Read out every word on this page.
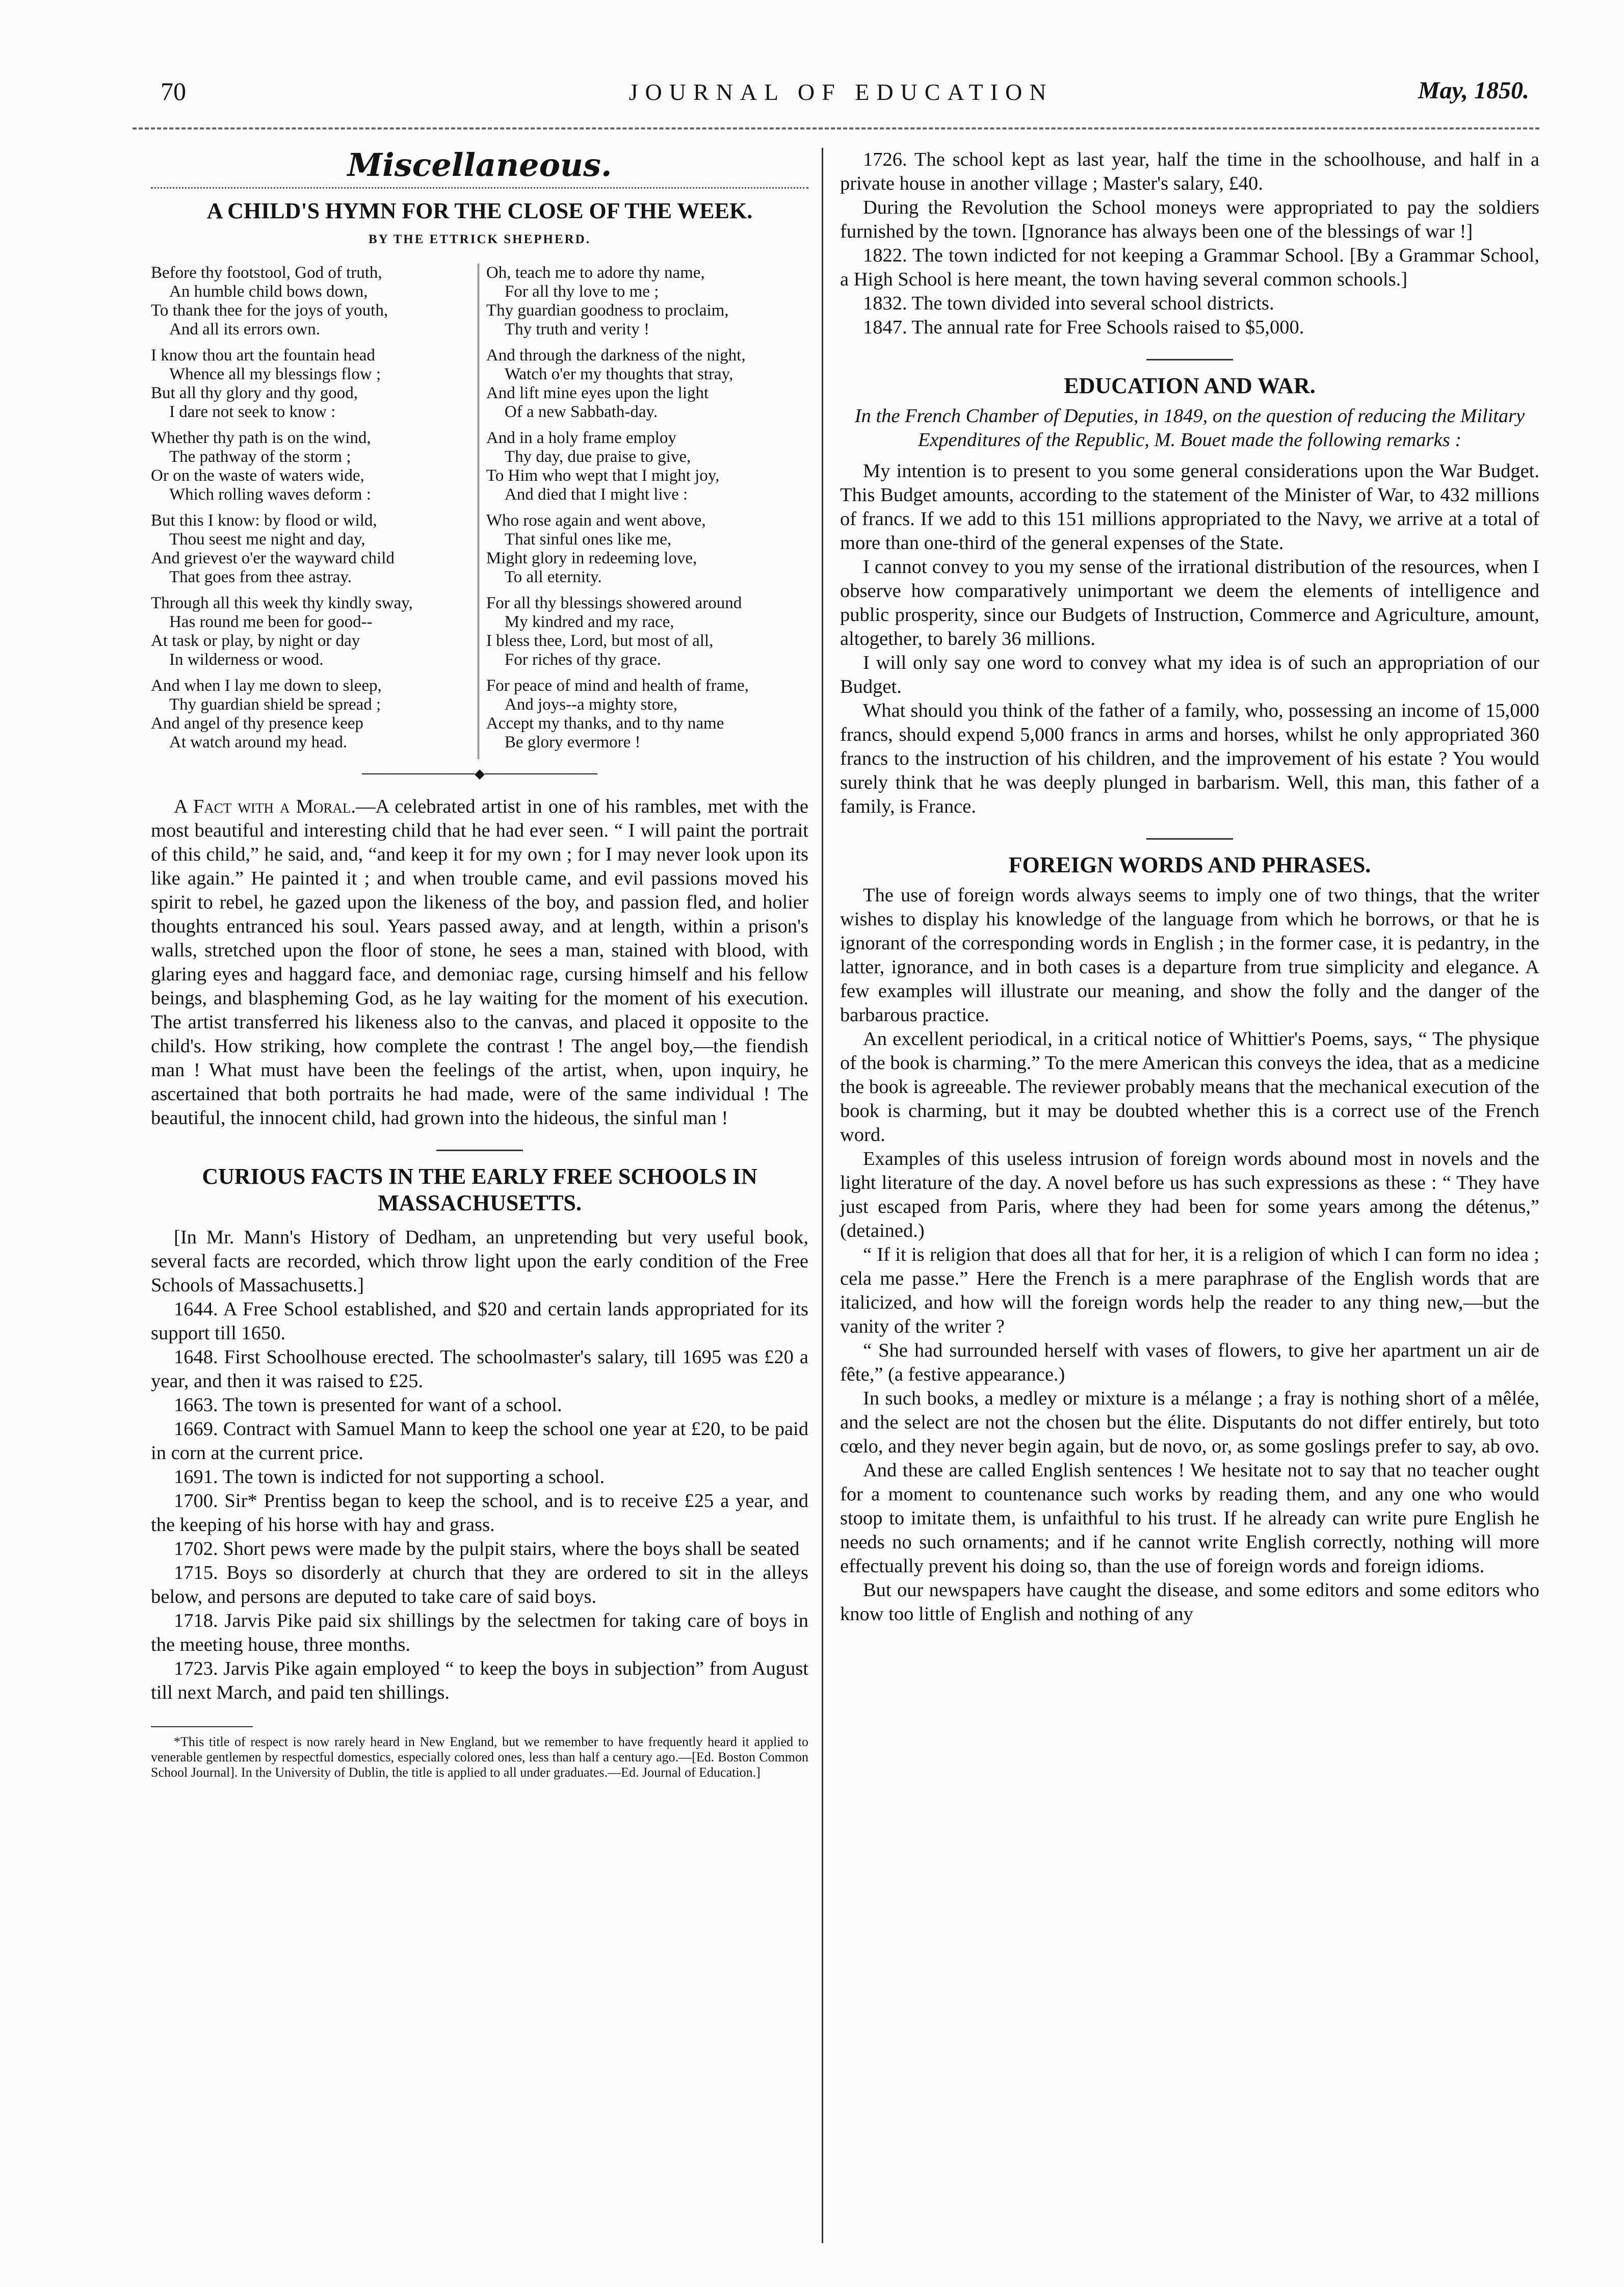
70	JOURNAL OF EDUCATION	May, 1850.
Miscellaneous.
A CHILD'S HYMN FOR THE CLOSE OF THE WEEK.
BY THE ETTRICK SHEPHERD.
Before thy footstool, God of truth,
An humble child bows down,
To thank thee for the joys of youth,
And all its errors own.
I know thou art the fountain head
Whence all my blessings flow ;
But all thy glory and thy good,
I dare not seek to know :
Whether thy path is on the wind,
The pathway of the storm ;
Or on the waste of waters wide,
Which rolling waves deform :
But this I know: by flood or wild,
Thou seest me night and day,
And grievest o'er the wayward child
That goes from thee astray.
Through all this week thy kindly sway,
Has round me been for good--
At task or play, by night or day
In wilderness or wood.
And when I lay me down to sleep,
Thy guardian shield be spread ;
And angel of thy presence keep
At watch around my head.
Oh, teach me to adore thy name,
For all thy love to me ;
Thy guardian goodness to proclaim,
Thy truth and verity !
And through the darkness of the night,
Watch o'er my thoughts that stray,
And lift mine eyes upon the light
Of a new Sabbath-day.
And in a holy frame employ
Thy day, due praise to give,
To Him who wept that I might joy,
And died that I might live :
Who rose again and went above,
That sinful ones like me,
Might glory in redeeming love,
To all eternity.
For all thy blessings showered around
My kindred and my race,
I bless thee, Lord, but most of all,
For riches of thy grace.
For peace of mind and health of frame,
And joys--a mighty store,
Accept my thanks, and to thy name
Be glory evermore !
────────────◆────────────

A Fact with a Moral.—A celebrated artist in one of his rambles, met with the most beautiful and interesting child that he had ever seen. “ I will paint the portrait of this child,” he said, and, “and keep it for my own ; for I may never look upon its like again.” He painted it ; and when trouble came, and evil passions moved his spirit to rebel, he gazed upon the likeness of the boy, and passion fled, and holier thoughts entranced his soul. Years passed away, and at length, within a prison's walls, stretched upon the floor of stone, he sees a man, stained with blood, with glaring eyes and haggard face, and demoniac rage, cursing himself and his fellow beings, and blaspheming God, as he lay waiting for the moment of his execution. The artist transferred his likeness also to the canvas, and placed it opposite to the child's. How striking, how complete the contrast ! The angel boy,—the fiendish man ! What must have been the feelings of the artist, when, upon inquiry, he ascertained that both portraits he had made, were of the same individual ! The beautiful, the innocent child, had grown into the hideous, the sinful man !

CURIOUS FACTS IN THE EARLY FREE SCHOOLS IN MASSACHUSETTS.

[In Mr. Mann's History of Dedham, an unpretending but very useful book, several facts are recorded, which throw light upon the early condition of the Free Schools of Massachusetts.]

1644. A Free School established, and $20 and certain lands appropriated for its support till 1650.

1648. First Schoolhouse erected. The schoolmaster's salary, till 1695 was £20 a year, and then it was raised to £25.

1663. The town is presented for want of a school.

1669. Contract with Samuel Mann to keep the school one year at £20, to be paid in corn at the current price.

1691. The town is indicted for not supporting a school.

1700. Sir* Prentiss began to keep the school, and is to receive £25 a year, and the keeping of his horse with hay and grass.

1702. Short pews were made by the pulpit stairs, where the boys shall be seated

1715. Boys so disorderly at church that they are ordered to sit in the alleys below, and persons are deputed to take care of said boys.

1718. Jarvis Pike paid six shillings by the selectmen for taking care of boys in the meeting house, three months.

1723. Jarvis Pike again employed “ to keep the boys in subjection” from August till next March, and paid ten shillings.

*This title of respect is now rarely heard in New England, but we remember to have frequently heard it applied to venerable gentlemen by respectful domestics, especially colored ones, less than half a century ago.—[Ed. Boston Common School Journal]. In the University of Dublin, the title is applied to all under graduates.—Ed. Journal of Education.]

1726. The school kept as last year, half the time in the schoolhouse, and half in a private house in another village ; Master's salary, £40.

During the Revolution the School moneys were appropriated to pay the soldiers furnished by the town. [Ignorance has always been one of the blessings of war !]

1822. The town indicted for not keeping a Grammar School. [By a Grammar School, a High School is here meant, the town having several common schools.]

1832. The town divided into several school districts.

1847. The annual rate for Free Schools raised to $5,000.

EDUCATION AND WAR.

In the French Chamber of Deputies, in 1849, on the question of reducing the Military Expenditures of the Republic, M. Bouet made the following remarks :

My intention is to present to you some general considerations upon the War Budget. This Budget amounts, according to the statement of the Minister of War, to 432 millions of francs. If we add to this 151 millions appropriated to the Navy, we arrive at a total of more than one-third of the general expenses of the State.

I cannot convey to you my sense of the irrational distribution of the resources, when I observe how comparatively unimportant we deem the elements of intelligence and public prosperity, since our Budgets of Instruction, Commerce and Agriculture, amount, altogether, to barely 36 millions.

I will only say one word to convey what my idea is of such an appropriation of our Budget.

What should you think of the father of a family, who, possessing an income of 15,000 francs, should expend 5,000 francs in arms and horses, whilst he only appropriated 360 francs to the instruction of his children, and the improvement of his estate ? You would surely think that he was deeply plunged in barbarism. Well, this man, this father of a family, is France.

FOREIGN WORDS AND PHRASES.

The use of foreign words always seems to imply one of two things, that the writer wishes to display his knowledge of the language from which he borrows, or that he is ignorant of the corresponding words in English ; in the former case, it is pedantry, in the latter, ignorance, and in both cases is a departure from true simplicity and elegance. A few examples will illustrate our meaning, and show the folly and the danger of the barbarous practice.

An excellent periodical, in a critical notice of Whittier's Poems, says, “ The physique of the book is charming.” To the mere American this conveys the idea, that as a medicine the book is agreeable. The reviewer probably means that the mechanical execution of the book is charming, but it may be doubted whether this is a correct use of the French word.

Examples of this useless intrusion of foreign words abound most in novels and the light literature of the day. A novel before us has such expressions as these : “ They have just escaped from Paris, where they had been for some years among the détenus,” (detained.)

“ If it is religion that does all that for her, it is a religion of which I can form no idea ; cela me passe.” Here the French is a mere paraphrase of the English words that are italicized, and how will the foreign words help the reader to any thing new,—but the vanity of the writer ?

“ She had surrounded herself with vases of flowers, to give her apartment un air de fête,” (a festive appearance.)

In such books, a medley or mixture is a mélange ; a fray is nothing short of a mêlée, and the select are not the chosen but the élite. Disputants do not differ entirely, but toto cœlo, and they never begin again, but de novo, or, as some goslings prefer to say, ab ovo.

And these are called English sentences ! We hesitate not to say that no teacher ought for a moment to countenance such works by reading them, and any one who would stoop to imitate them, is unfaithful to his trust. If he already can write pure English he needs no such ornaments; and if he cannot write English correctly, nothing will more effectually prevent his doing so, than the use of foreign words and foreign idioms.

But our newspapers have caught the disease, and some editors and some editors who know too little of English and nothing of any
